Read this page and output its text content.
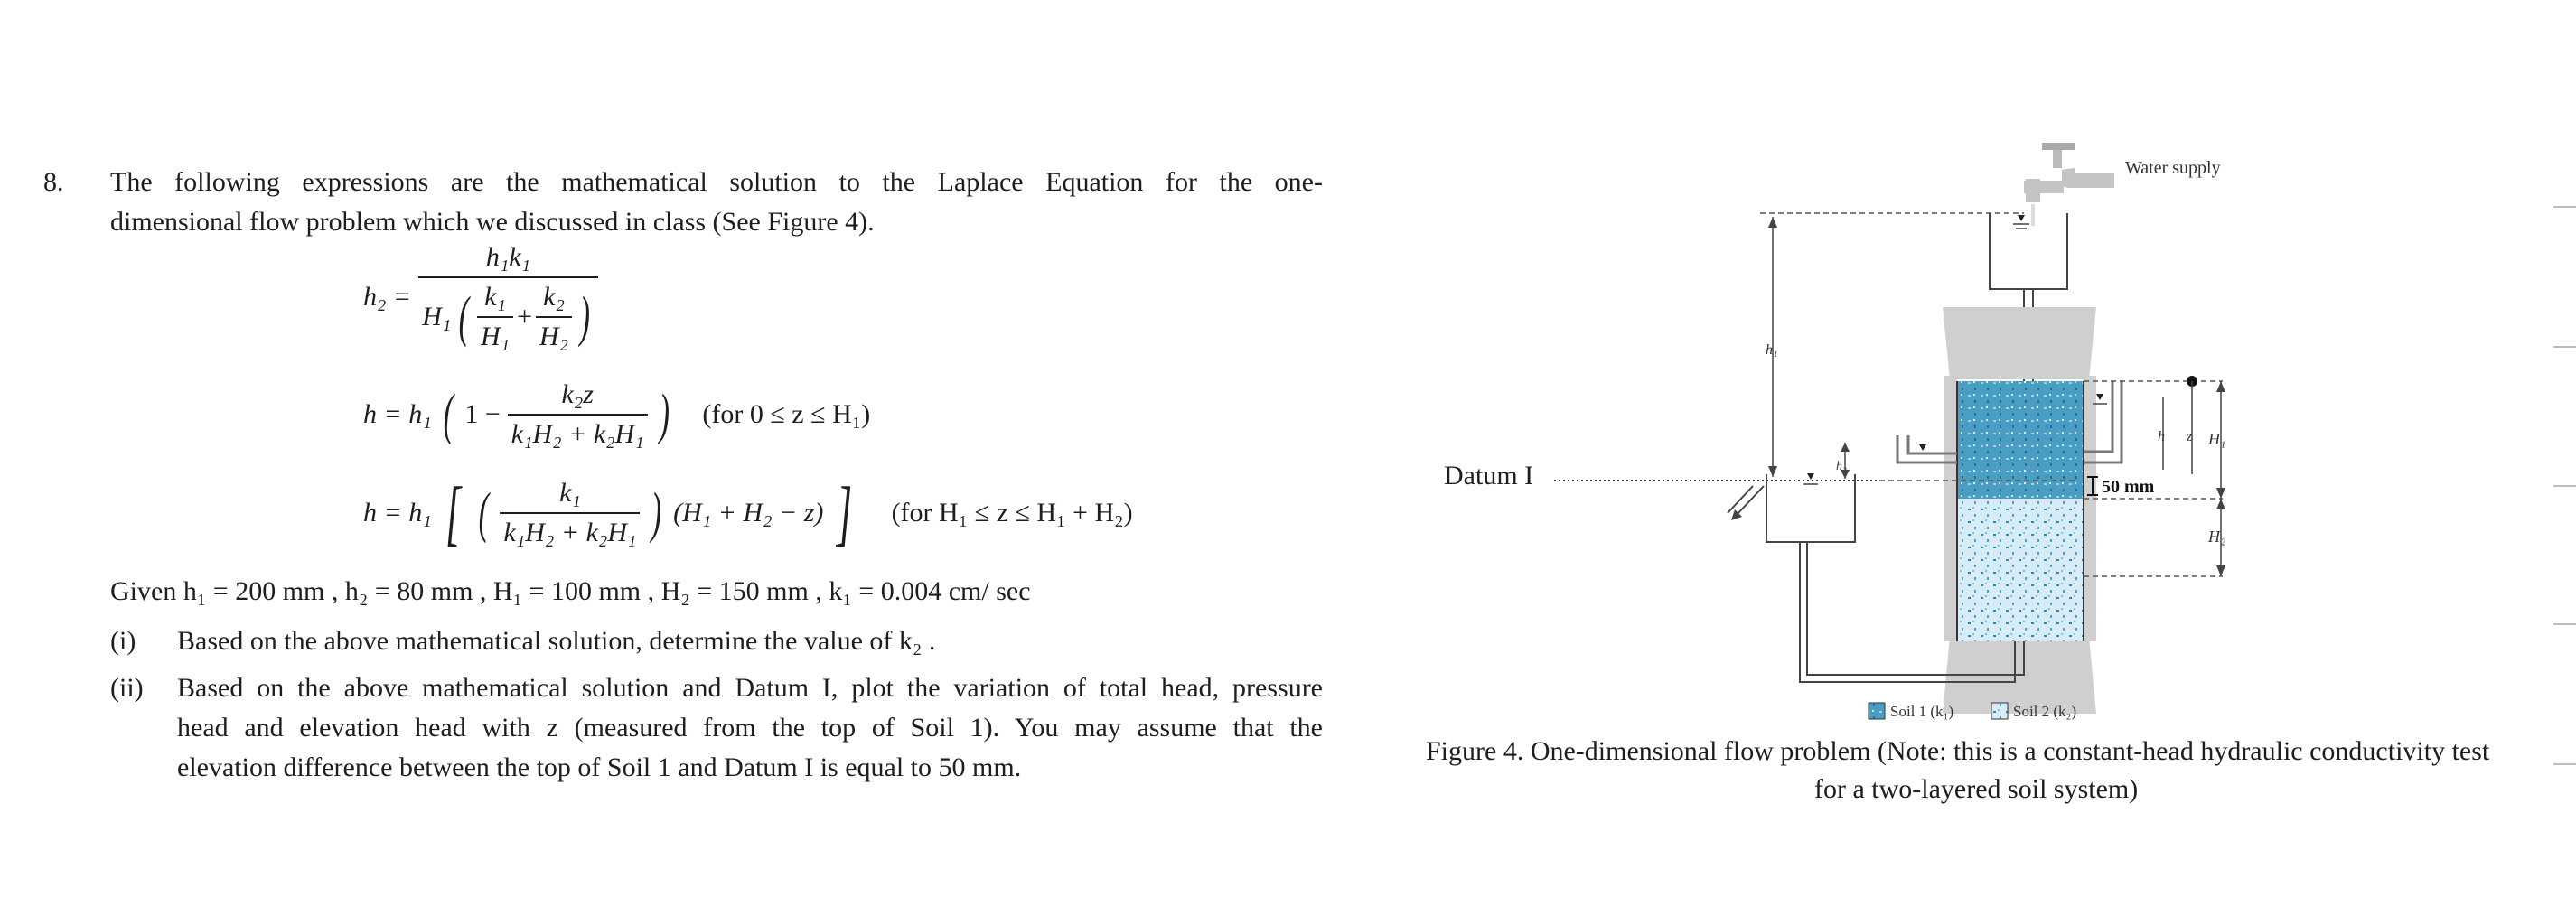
8. The following expressions are the mathematical solution to the Laplace Equation for the one-
dimensional flow problem which we discussed in class (See Figure 4).
h₂ =
h₁k₁
H₁ ( $\frac{\text{k₁}}{\text{H₁}} + \frac{\text{k₂}}{\text{H₂}}$ )
h = h₁ ( $1 - \frac{\text{k₂z}}{\text{k₁H₂ + k₂H₁}}$ ) (for 0 ≤ z ≤ H₁)
h = h₁ [ ( $\frac{\text{k₁}}{\text{k₁H₂ + k₂H₁}}$ ) (H₁ + H₂ − z) ] (for H₁ ≤ z ≤ H₁ + H₂)
Given h₁ = 200 mm , h₂ = 80 mm , H₁ = 100 mm , H₂ = 150 mm , k₁ = 0.004 cm/ sec
(i) Based on the above mathematical solution, determine the value of k₂ .
(ii) Based on the above mathematical solution and Datum I, plot the variation of total head, pressure
head and elevation head with z (measured from the top of Soil 1). You may assume that the
elevation difference between the top of Soil 1 and Datum I is equal to 50 mm.
Water supply
h z H₁
H₂
50 mm
h₁
h₂
Soil 1 (k₁)	Soil 2 (k₂)
Datum I
Figure 4. One-dimensional flow problem (Note: this is a constant-head hydraulic conductivity test
for a two-layered soil system)
